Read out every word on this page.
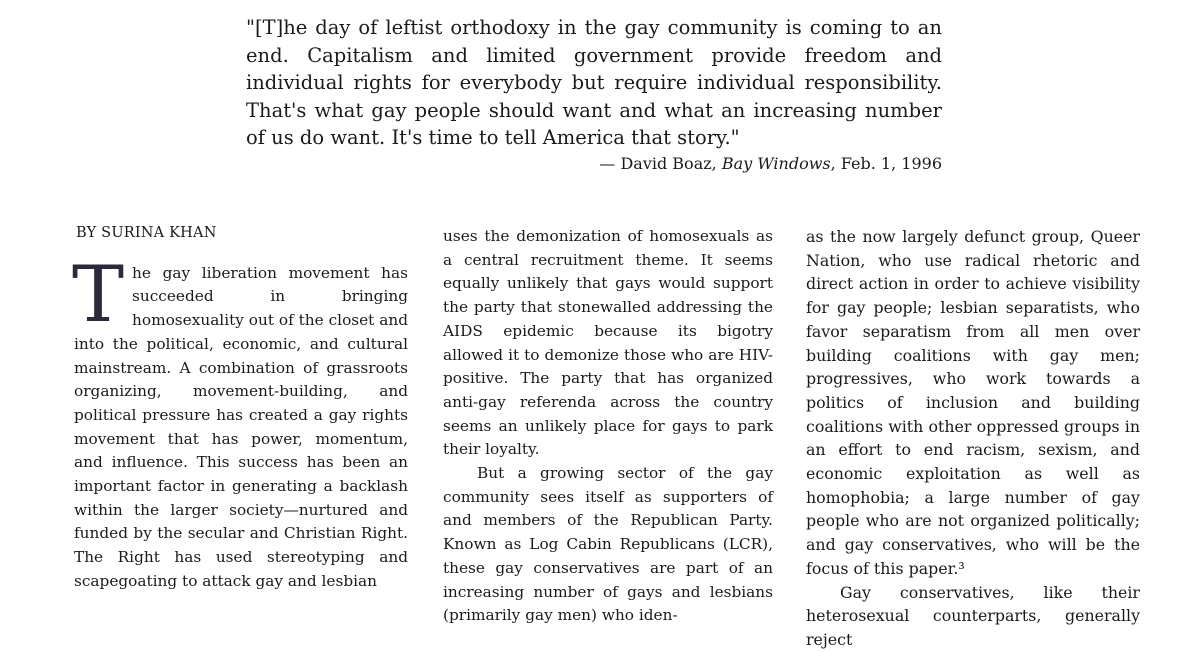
"[T]he day of leftist orthodoxy in the gay community is coming to an end. Capitalism and limited government provide freedom and individual rights for everybody but require individual responsibility. That's what gay people should want and what an increasing number of us do want. It's time to tell America that story."
— David Boaz, Bay Windows, Feb. 1, 1996
BY SURINA KHAN

The gay liberation movement has succeeded in bringing homosexuality out of the closet and into the political, economic, and cultural mainstream. A combination of grassroots organizing, movement-building, and political pressure has created a gay rights movement that has power, momentum, and influence. This success has been an important factor in generating a backlash within the larger society—nurtured and funded by the secular and Christian Right. The Right has used stereotyping and scapegoating to attack gay and lesbian

uses the demonization of homosexuals as a central recruitment theme. It seems equally unlikely that gays would support the party that stonewalled addressing the AIDS epidemic because its bigotry allowed it to demonize those who are HIV-positive. The party that has organized anti-gay referenda across the country seems an unlikely place for gays to park their loyalty.

But a growing sector of the gay community sees itself as supporters of and members of the Republican Party. Known as Log Cabin Republicans (LCR), these gay conservatives are part of an increasing number of gays and lesbians (primarily gay men) who iden-

as the now largely defunct group, Queer Nation, who use radical rhetoric and direct action in order to achieve visibility for gay people; lesbian separatists, who favor separatism from all men over building coalitions with gay men; progressives, who work towards a politics of inclusion and building coalitions with other oppressed groups in an effort to end racism, sexism, and economic exploitation as well as homophobia; a large number of gay people who are not organized politically; and gay conservatives, who will be the focus of this paper.³

Gay conservatives, like their heterosexual counterparts, generally reject
